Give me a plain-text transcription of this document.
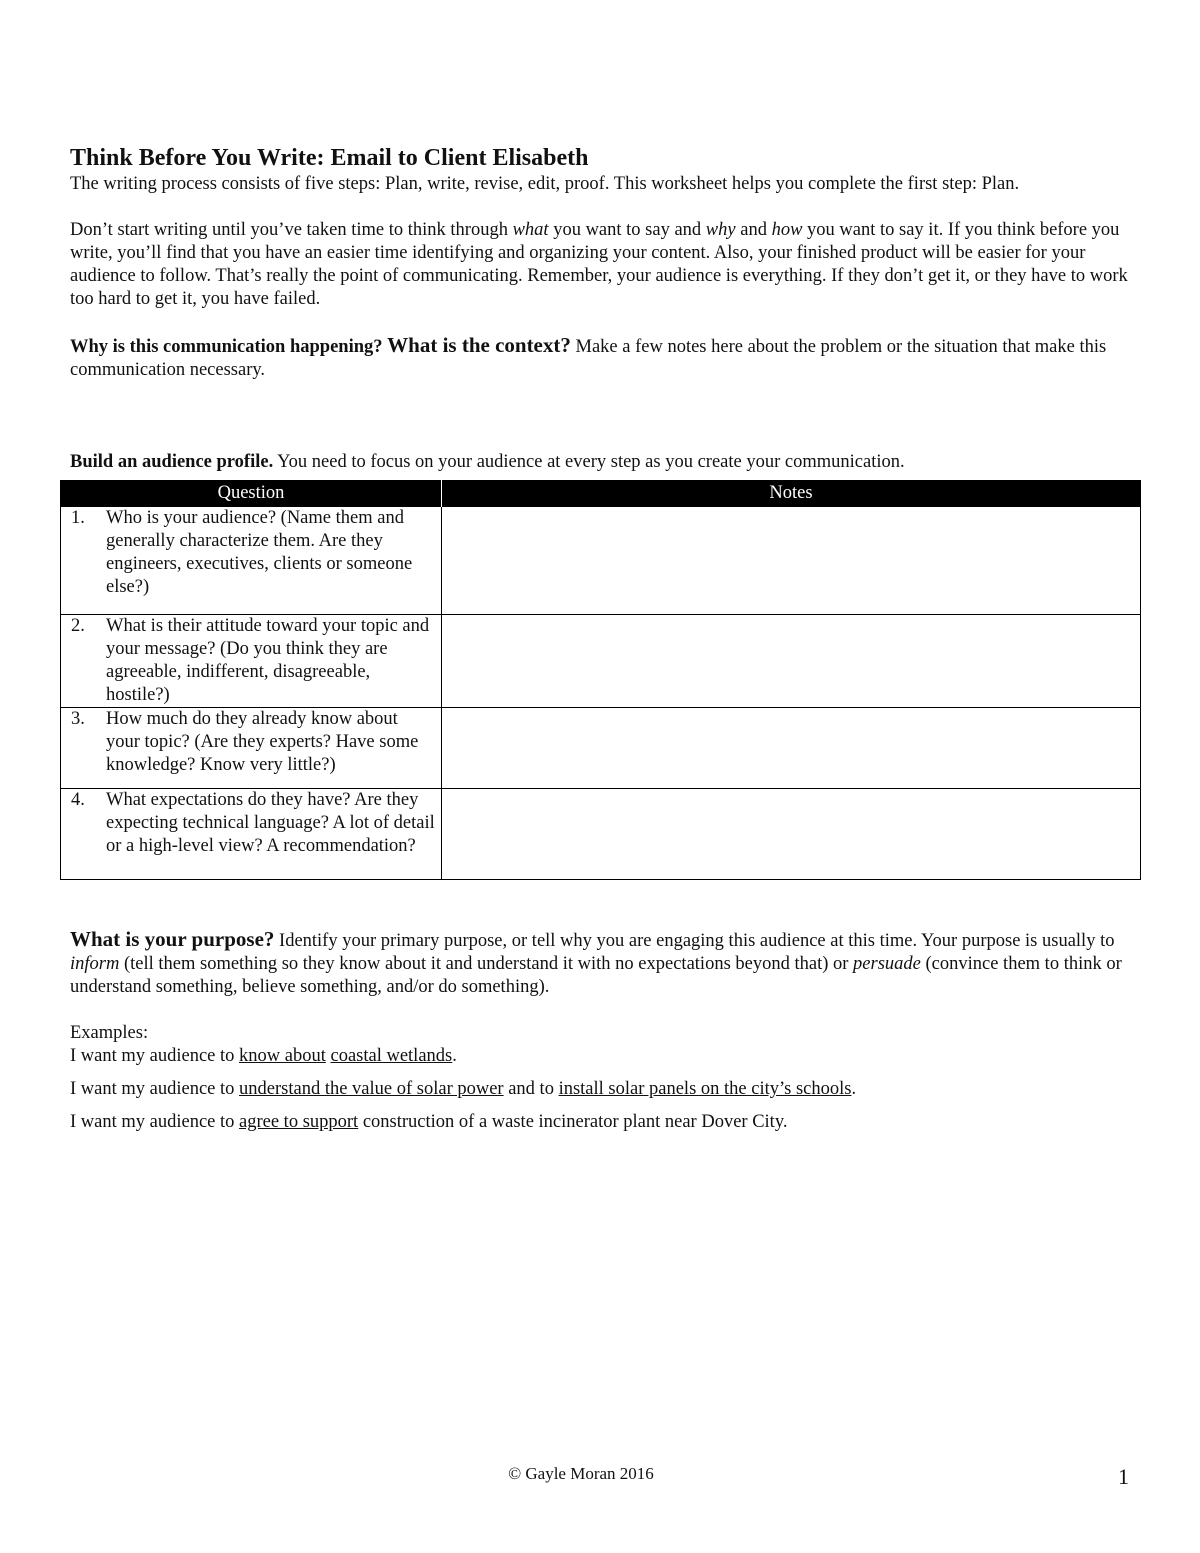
Think Before You Write: Email to Client Elisabeth

The writing process consists of five steps: Plan, write, revise, edit, proof. This worksheet helps you complete the first step: Plan.

Don’t start writing until you’ve taken time to think through what you want to say and why and how you want to say it. If you think before you write, you’ll find that you have an easier time identifying and organizing your content. Also, your finished product will be easier for your audience to follow. That’s really the point of communicating. Remember, your audience is everything. If they don’t get it, or they have to work too hard to get it, you have failed.

Why is this communication happening? What is the context? Make a few notes here about the problem or the situation that make this communication necessary.

Build an audience profile. You need to focus on your audience at every step as you create your communication.

Question	Notes

1. Who is your audience? (Name them and generally characterize them. Are they engineers, executives, clients or someone else?)	

2. What is their attitude toward your topic and your message? (Do you think they are agreeable, indifferent, disagreeable, hostile?)	

3. How much do they already know about your topic? (Are they experts? Have some knowledge? Know very little?)	

4. What expectations do they have? Are they expecting technical language? A lot of detail or a high-level view? A recommendation?	

What is your purpose? Identify your primary purpose, or tell why you are engaging this audience at this time. Your purpose is usually to inform (tell them something so they know about it and understand it with no expectations beyond that) or persuade (convince them to think or understand something, believe something, and/or do something).

Examples:

I want my audience to know about coastal wetlands.

I want my audience to understand the value of solar power and to install solar panels on the city’s schools.

I want my audience to agree to support construction of a waste incinerator plant near Dover City.

© Gayle Moran 2016	1
